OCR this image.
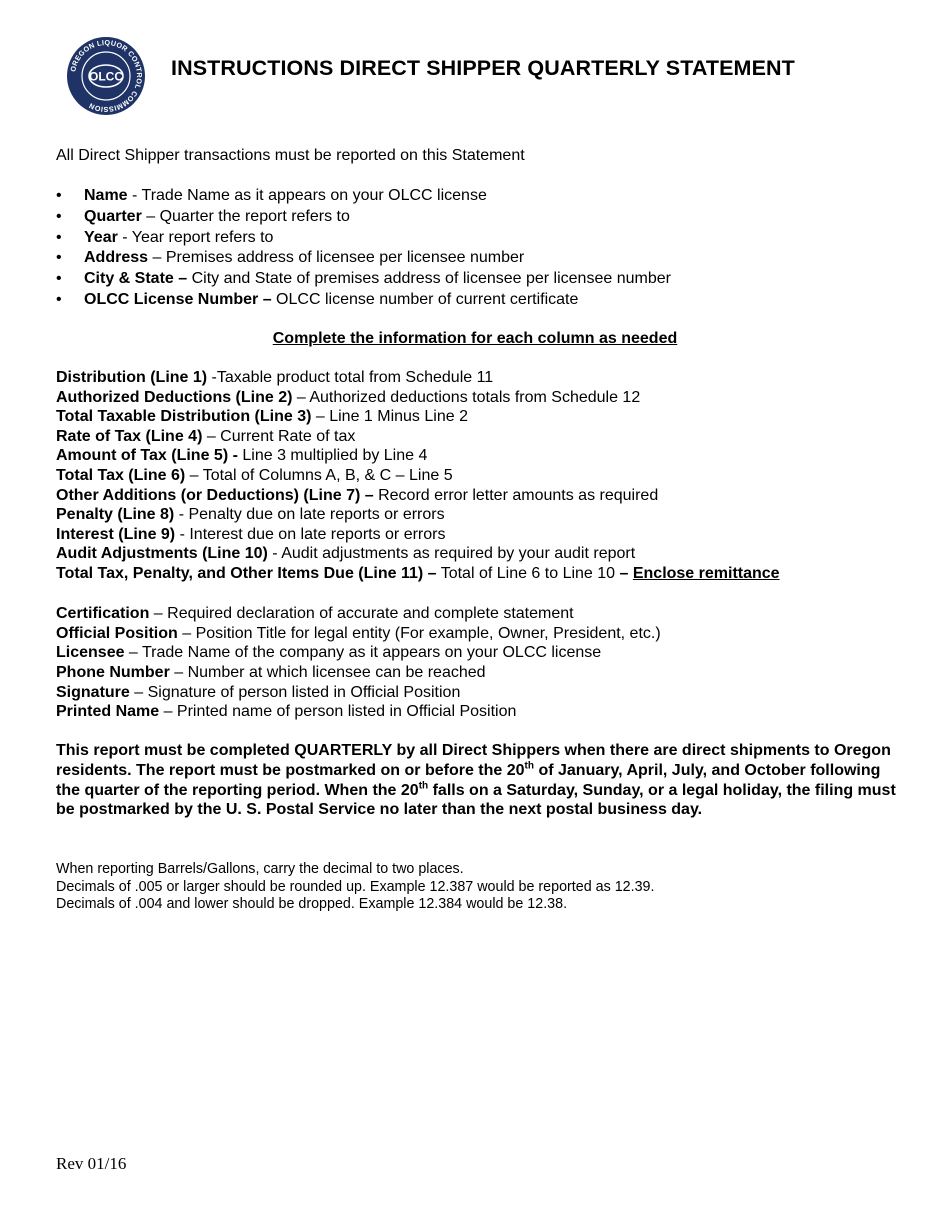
OREGON LIQUOR CONTROL COMMISSION
OLCC INSTRUCTIONS DIRECT SHIPPER QUARTERLY STATEMENT
All Direct Shipper transactions must be reported on this Statement
• Name - Trade Name as it appears on your OLCC license
• Quarter – Quarter the report refers to
• Year - Year report refers to
• Address – Premises address of licensee per licensee number
• City & State – City and State of premises address of licensee per licensee number
• OLCC License Number – OLCC license number of current certificate
Complete the information for each column as needed
Distribution (Line 1) -Taxable product total from Schedule 11
Authorized Deductions (Line 2) – Authorized deductions totals from Schedule 12
Total Taxable Distribution (Line 3) – Line 1 Minus Line 2
Rate of Tax (Line 4) – Current Rate of tax
Amount of Tax (Line 5) - Line 3 multiplied by Line 4
Total Tax (Line 6) – Total of Columns A, B, & C – Line 5
Other Additions (or Deductions) (Line 7) – Record error letter amounts as required
Penalty (Line 8) - Penalty due on late reports or errors
Interest (Line 9) - Interest due on late reports or errors
Audit Adjustments (Line 10) - Audit adjustments as required by your audit report
Total Tax, Penalty, and Other Items Due (Line 11) – Total of Line 6 to Line 10 – Enclose remittance
Certification – Required declaration of accurate and complete statement
Official Position – Position Title for legal entity (For example, Owner, President, etc.)
Licensee – Trade Name of the company as it appears on your OLCC license
Phone Number – Number at which licensee can be reached
Signature – Signature of person listed in Official Position
Printed Name – Printed name of person listed in Official Position
This report must be completed QUARTERLY by all Direct Shippers when there are direct shipments to Oregon residents. The report must be postmarked on or before the 20th of January, April, July, and October following the quarter of the reporting period. When the 20th falls on a Saturday, Sunday, or a legal holiday, the filing must be postmarked by the U. S. Postal Service no later than the next postal business day.
When reporting Barrels/Gallons, carry the decimal to two places.
Decimals of .005 or larger should be rounded up. Example 12.387 would be reported as 12.39.
Decimals of .004 and lower should be dropped. Example 12.384 would be 12.38.
Rev 01/16
